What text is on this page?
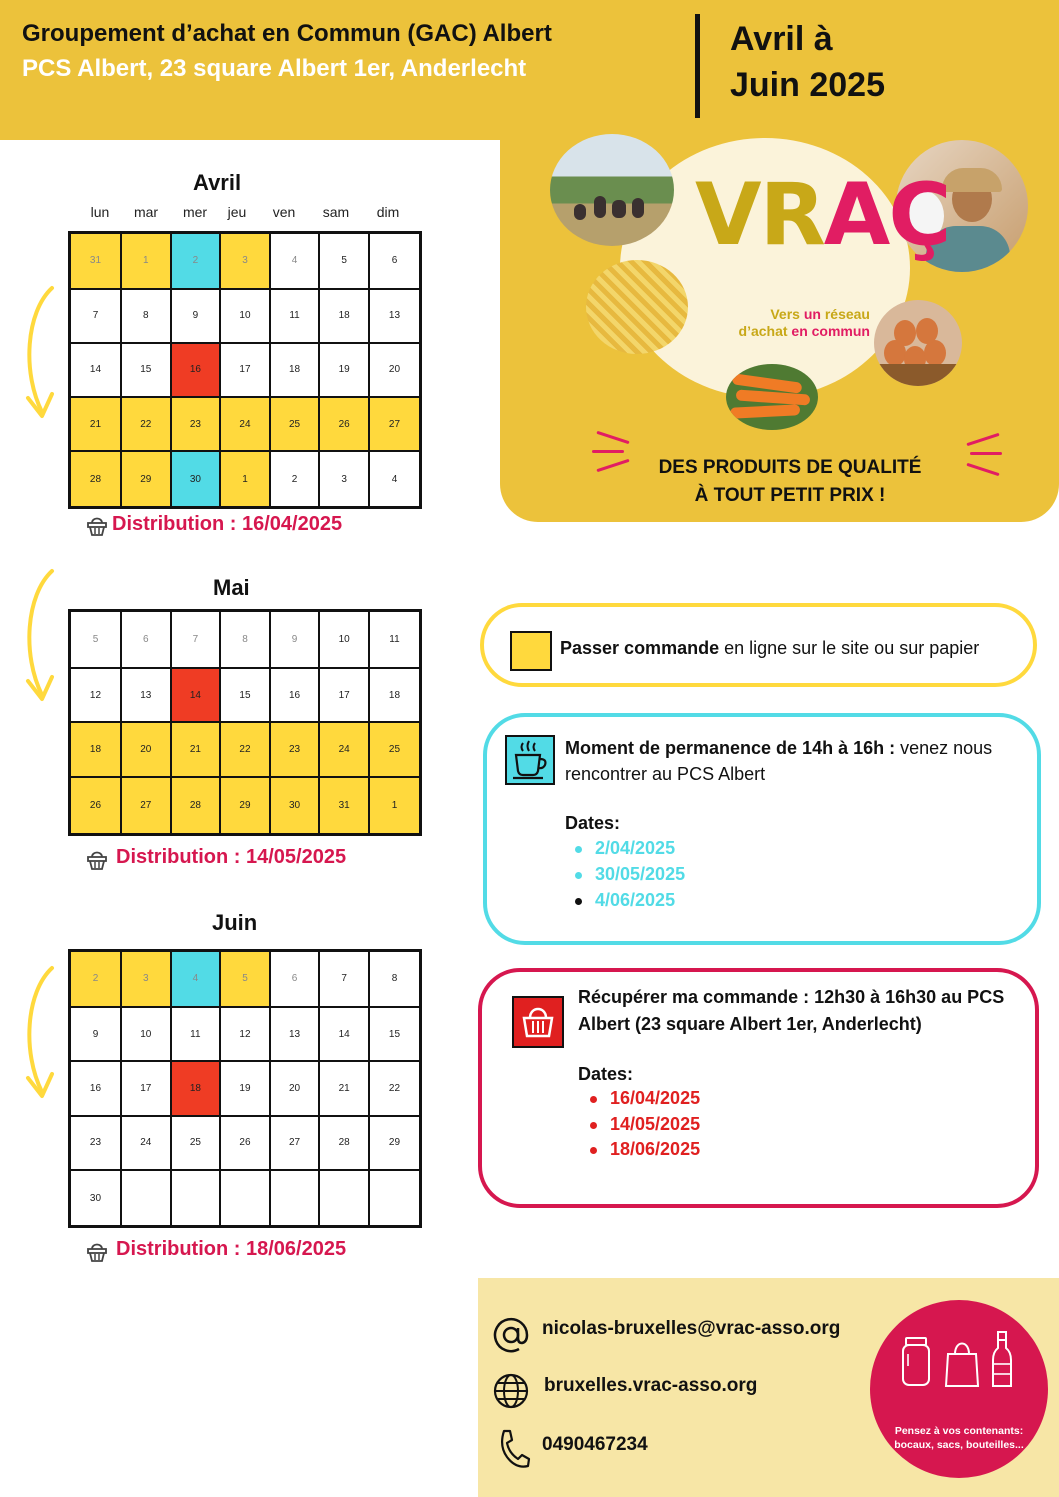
Groupement d’achat en Commun (GAC) Albert
PCS Albert, 23 square Albert 1er, Anderlecht
Avril à
Juin 2025
VRAÇ
Vers un réseau
d’achat en commun
DES PRODUITS DE QUALITÉ
À TOUT PETIT PRIX !
Avril
lun	mar	mer	jeu	ven	sam	dim
31	1	2	3	4	5	6
7	8	9	10	11	18	13
14	15	16	17	18	19	20
21	22	23	24	25	26	27
28	29	30	1	2	3	4
Distribution : 16/04/2025
Mai
5	6	7	8	9	10	11
12	13	14	15	16	17	18
18	20	21	22	23	24	25
26	27	28	29	30	31	1
Distribution : 14/05/2025
Juin
2	3	4	5	6	7	8
9	10	11	12	13	14	15
16	17	18	19	20	21	22
23	24	25	26	27	28	29
30						
Distribution : 18/06/2025
Passer commande en ligne sur le site ou sur papier
Moment de permanence de 14h à 16h : venez nous rencontrer au PCS Albert
Dates:
2/04/2025
30/05/2025
4/06/2025
Récupérer ma commande : 12h30 à 16h30 au PCS Albert (23 square Albert 1er, Anderlecht)
Dates:
16/04/2025
14/05/2025
18/06/2025
nicolas-bruxelles@vrac-asso.org
bruxelles.vrac-asso.org
0490467234
Pensez à vos contenants:
bocaux, sacs, bouteilles...
